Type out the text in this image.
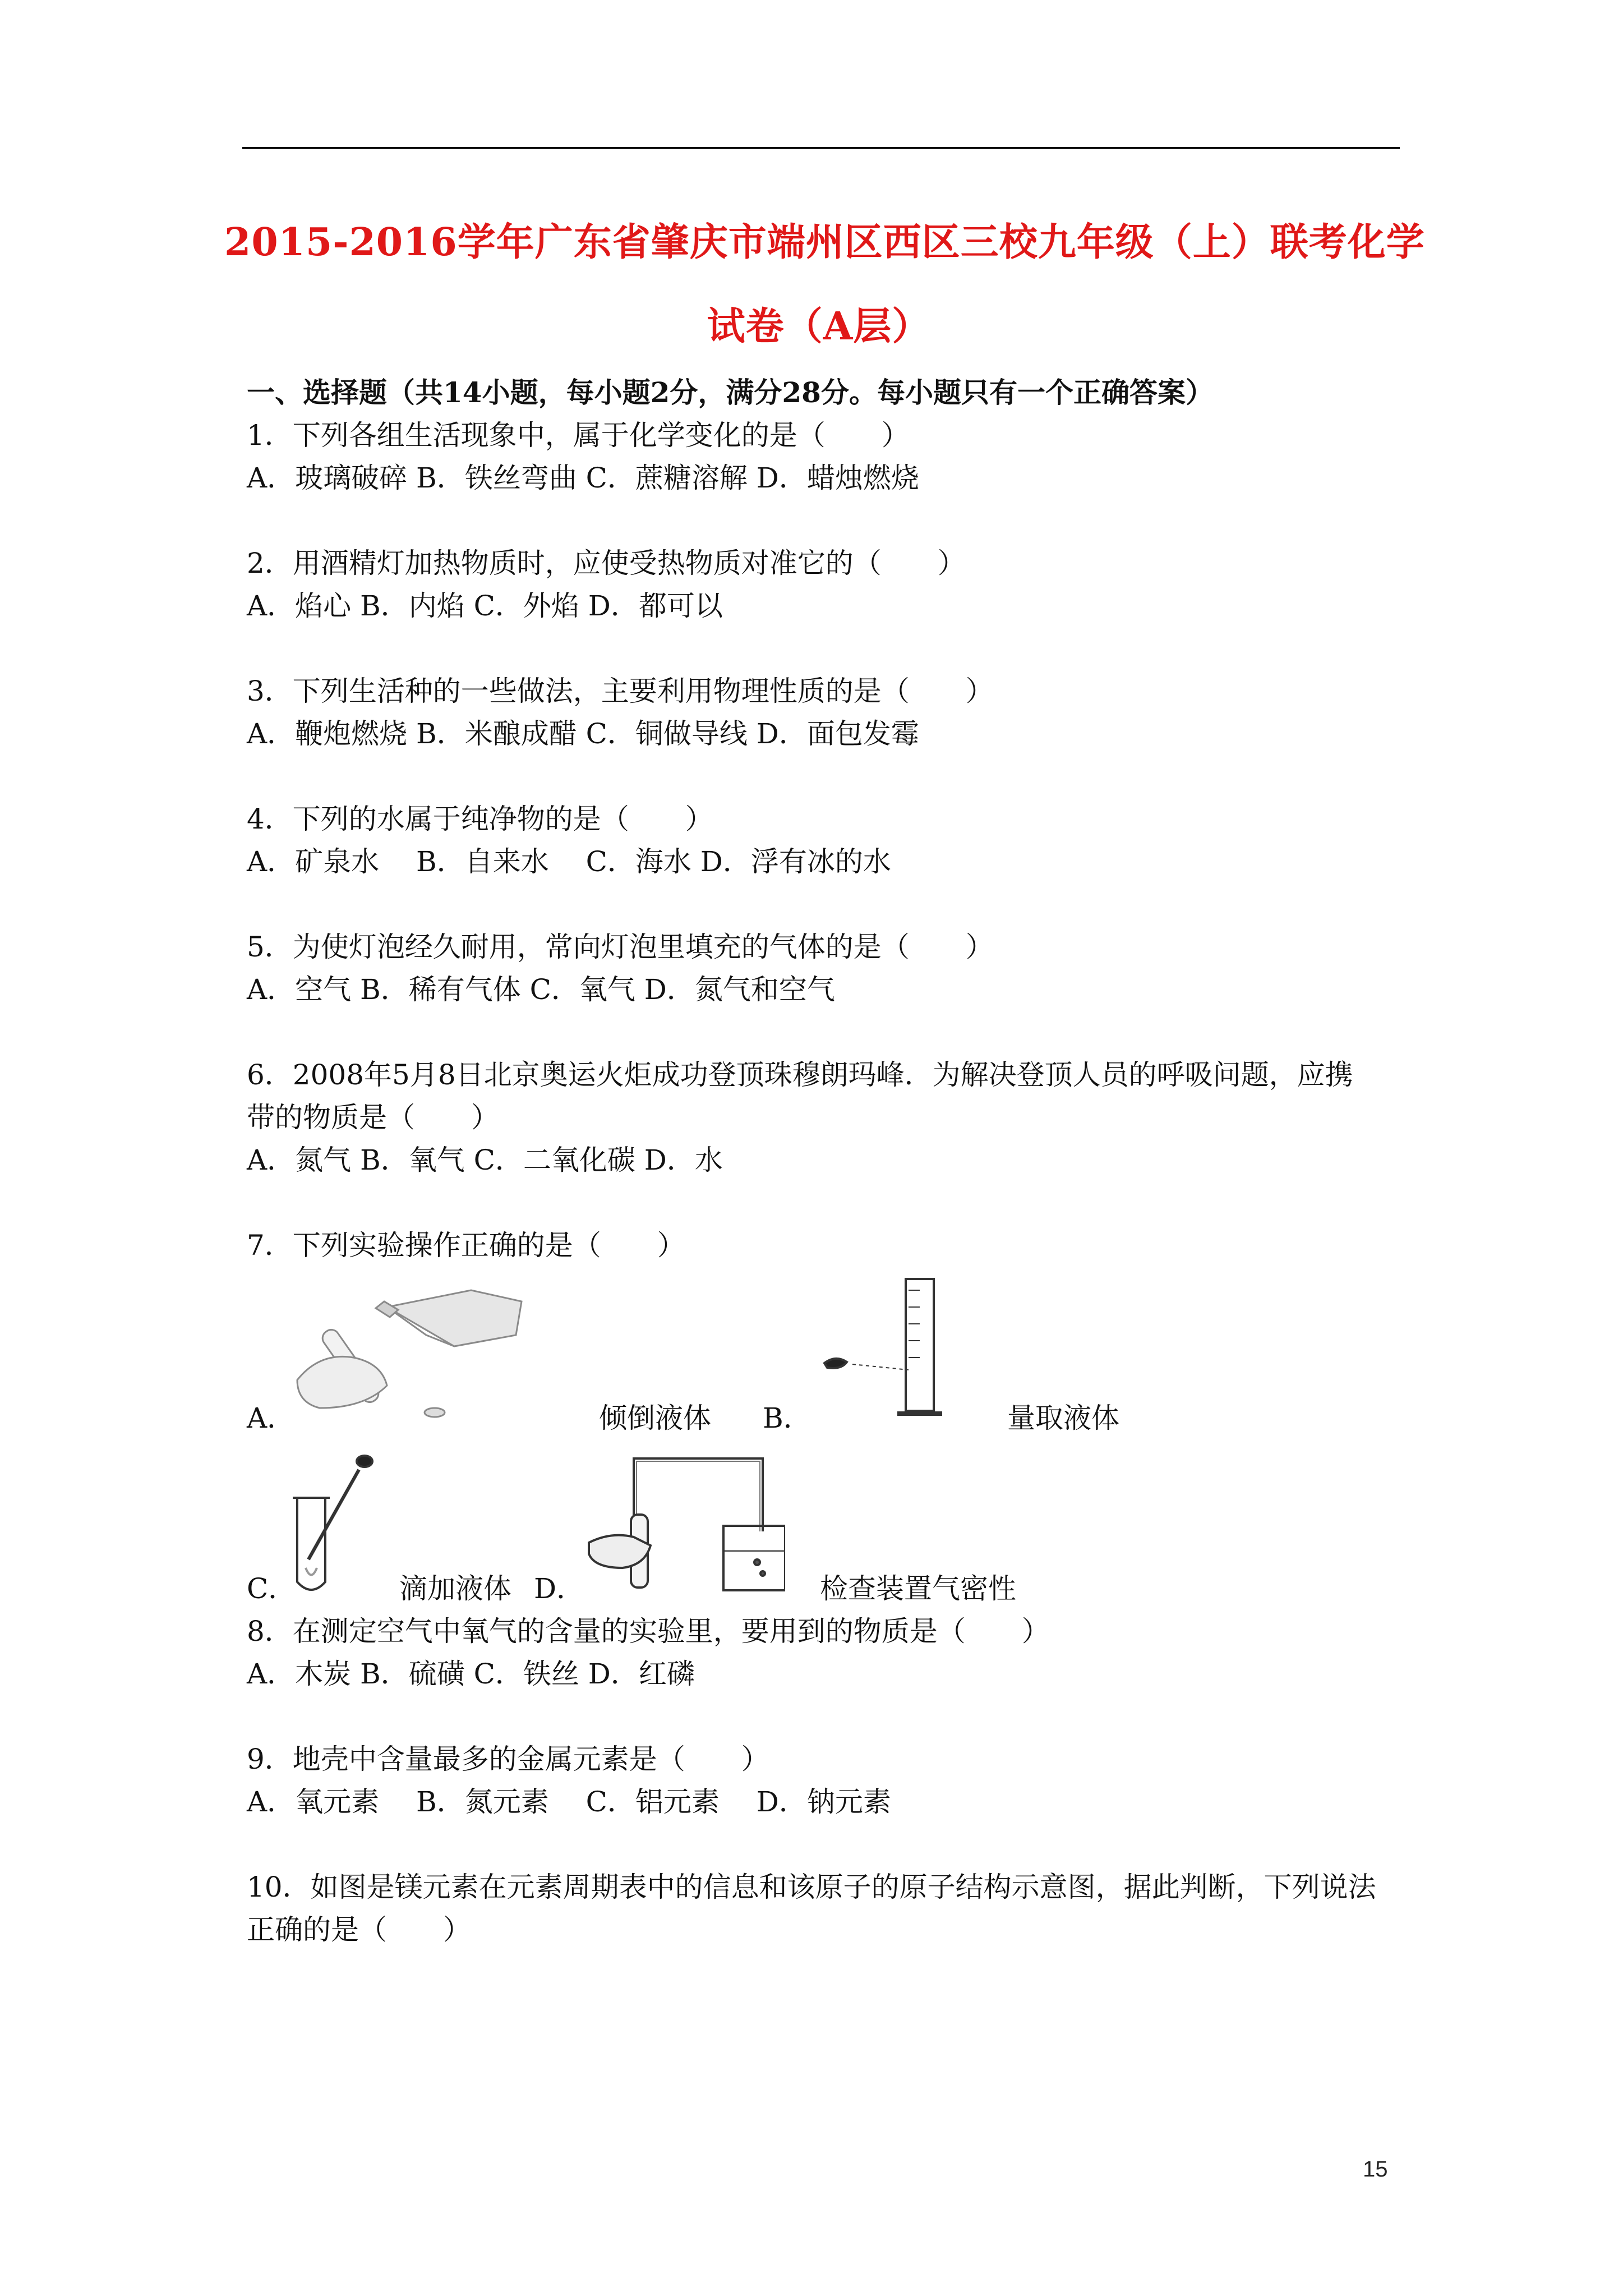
2015-2016学年广东省肇庆市端州区西区三校九年级（上）联考化学
试卷（A层）
一、选择题（共14小题，每小题2分，满分28分。每小题只有一个正确答案）
1．下列各组生活现象中，属于化学变化的是（　　）
A．玻璃破碎 B．铁丝弯曲 C．蔗糖溶解 D．蜡烛燃烧
2．用酒精灯加热物质时，应使受热物质对准它的（　　）
A．焰心 B．内焰 C．外焰 D．都可以
3．下列生活种的一些做法，主要利用物理性质的是（　　）
A．鞭炮燃烧 B．米酿成醋 C．铜做导线 D．面包发霉
4．下列的水属于纯净物的是（　　）
A．矿泉水　 B．自来水　 C．海水 D．浮有冰的水
5．为使灯泡经久耐用，常向灯泡里填充的气体的是（　　）
A．空气 B．稀有气体 C．氧气 D．氮气和空气
6．2008年5月8日北京奥运火炬成功登顶珠穆朗玛峰．为解决登顶人员的呼吸问题，应携
带的物质是（　　）
A．氮气 B．氧气 C．二氧化碳 D．水
7．下列实验操作正确的是（　　）
A．	倾倒液体 B．	量取液体
C．	滴加液体 D．	检查装置气密性
8．在测定空气中氧气的含量的实验里，要用到的物质是（　　）
A．木炭 B．硫磺 C．铁丝 D．红磷
9．地壳中含量最多的金属元素是（　　）
A．氧元素　 B．氮元素　 C．铝元素　 D．钠元素
10．如图是镁元素在元素周期表中的信息和该原子的原子结构示意图，据此判断，下列说法
正确的是（　　）
15
